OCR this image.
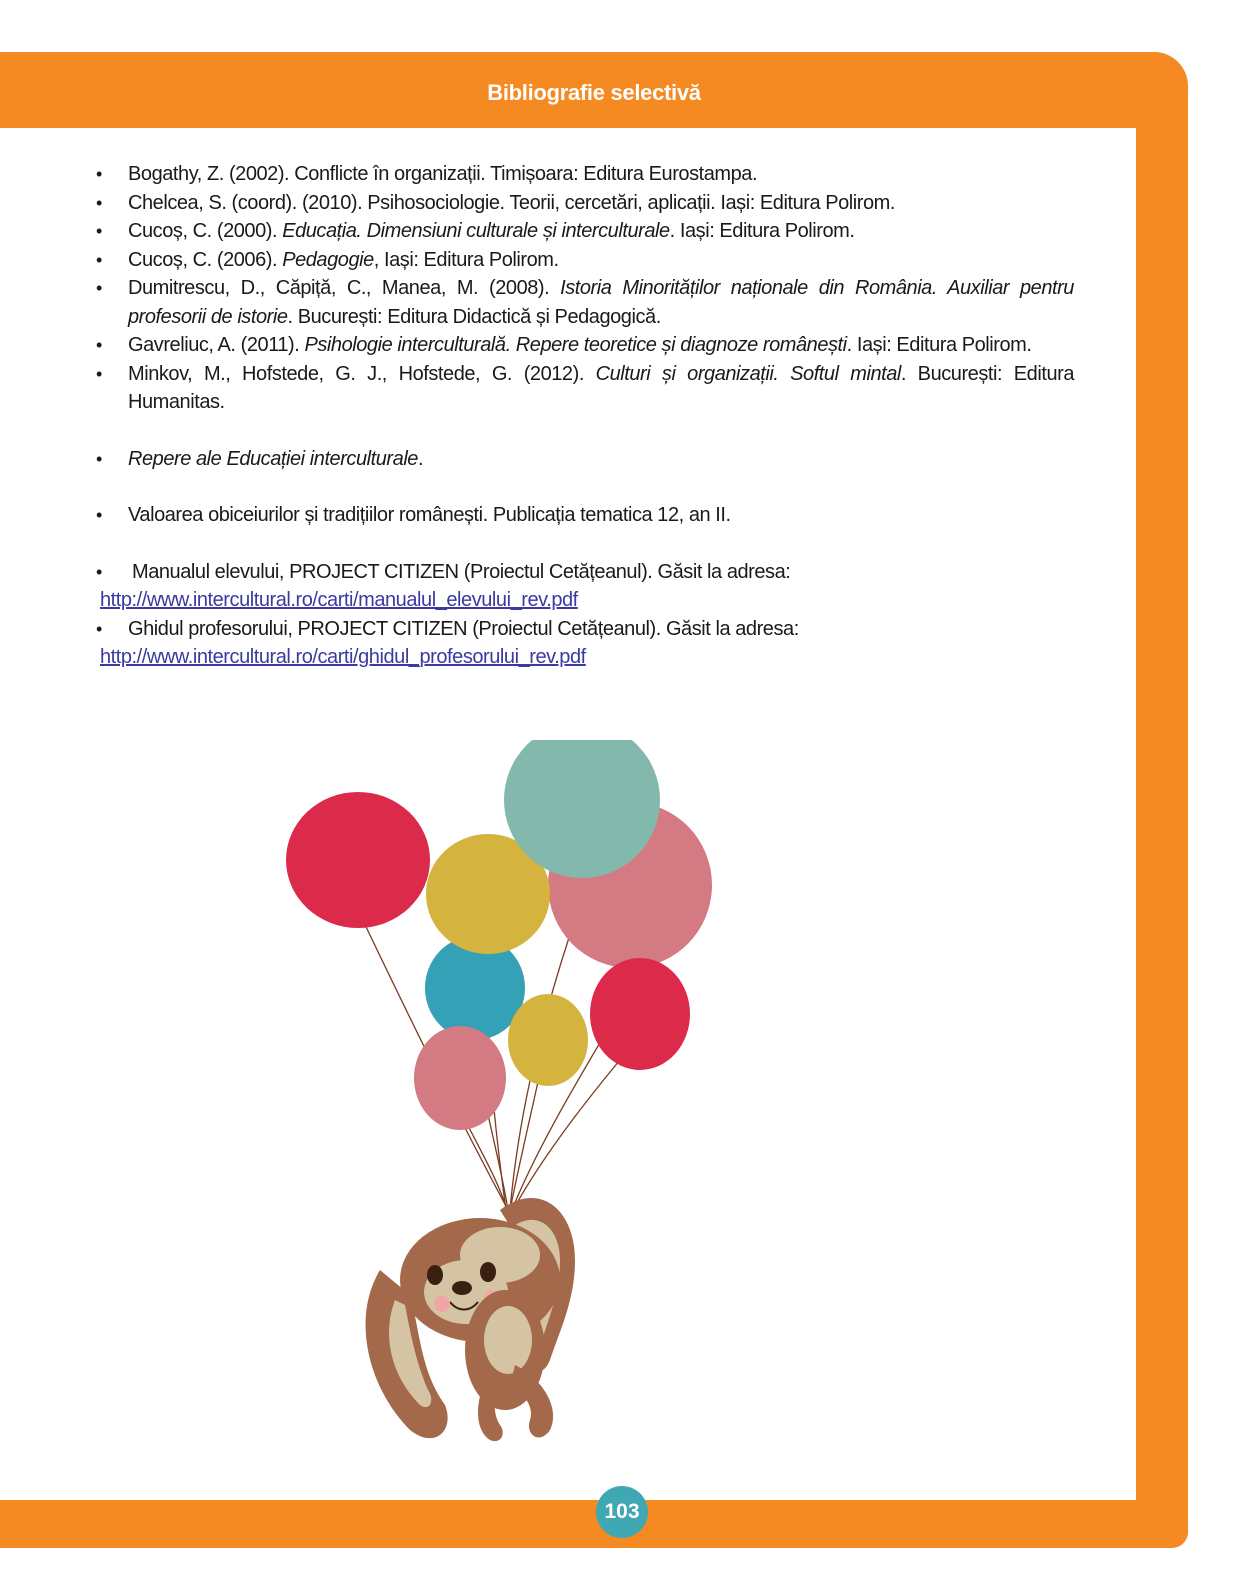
Bibliografie selectivă
• Bogathy, Z. (2002). Conflicte în organizații. Timișoara: Editura Eurostampa.
• Chelcea, S. (coord). (2010). Psihosociologie. Teorii, cercetări, aplicații. Iași: Editura Polirom.
• Cucoș, C. (2000). Educația. Dimensiuni culturale și interculturale. Iași: Editura Polirom.
• Cucoș, C. (2006). Pedagogie, Iași: Editura Polirom.
• Dumitrescu, D., Căpiță, C., Manea, M. (2008). Istoria Minorităților naționale din România. Auxiliar pentru profesorii de istorie. București: Editura Didactică și Pedagogică.
• Gavreliuc, A. (2011). Psihologie interculturală. Repere teoretice și diagnoze românești. Iași: Editura Polirom.
• Minkov, M., Hofstede, G. J., Hofstede, G. (2012). Culturi și organizații. Softul mintal. București: Editura Humanitas.
• Repere ale Educației interculturale.
• Valoarea obiceiurilor și tradițiilor românești. Publicația tematica 12, an II.
• Manualul elevului, PROJECT CITIZEN (Proiectul Cetățeanul). Găsit la adresa:

http://www.intercultural.ro/carti/manualul_elevului_rev.pdf

• Ghidul profesorului, PROJECT CITIZEN (Proiectul Cetățeanul). Găsit la adresa:

http://www.intercultural.ro/carti/ghidul_profesorului_rev.pdf

103
